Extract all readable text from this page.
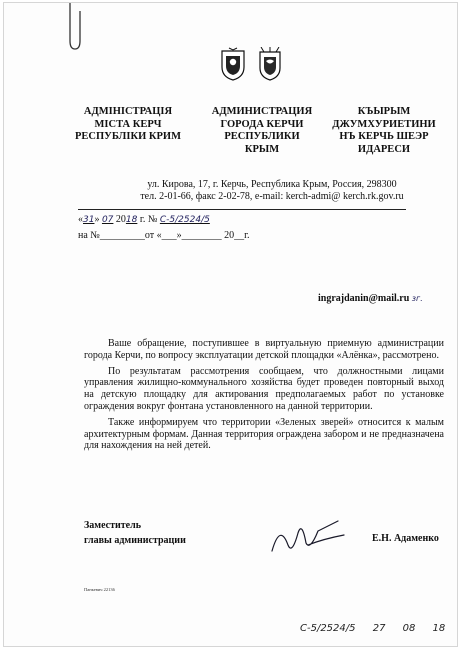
АДМІНІСТРАЦІЯ
МІСТА КЕРЧ
РЕСПУБЛІКИ КРИМ
АДМИНИСТРАЦИЯ
ГОРОДА КЕРЧИ
РЕСПУБЛИКИ
КРЫМ
КЪЫРЫМ
ДЖУМХУРИЕТИНИ
НЪ КЕРЧЬ ШЕЭР
ИДАРЕСИ
ул. Кирова, 17, г. Керчь, Республика Крым, Россия, 298300
тел. 2-01-66, факс 2-02-78, e-mail: kerch-admi@ kerch.rk.gov.ru
«31» 07 2018 г. № С-5/2524/5
на №_________от «___»________ 20__г.
ingrajdanin@mail.ru зг.

Ваше обращение, поступившее в виртуальную приемную администрации города Керчи, по вопросу эксплуатации детской площадки «Алёнка», рассмотрено.

По результатам рассмотрения сообщаем, что должностными лицами управления жилищно-коммунального хозяйства будет проведен повторный выход на детскую площадку для актирования предполагаемых работ по установке ограждения вокруг фонтана установленного на данной территории.

Также информируем что территории «Зеленых зверей» относится к малым архитектурным формам. Данная территория ограждена забором и не предназначена для нахождения на ней детей.

Заместитель
главы администрации	Е.Н. Адаменко
Панкевич 22136
С-5/2524/5 27 08 18
